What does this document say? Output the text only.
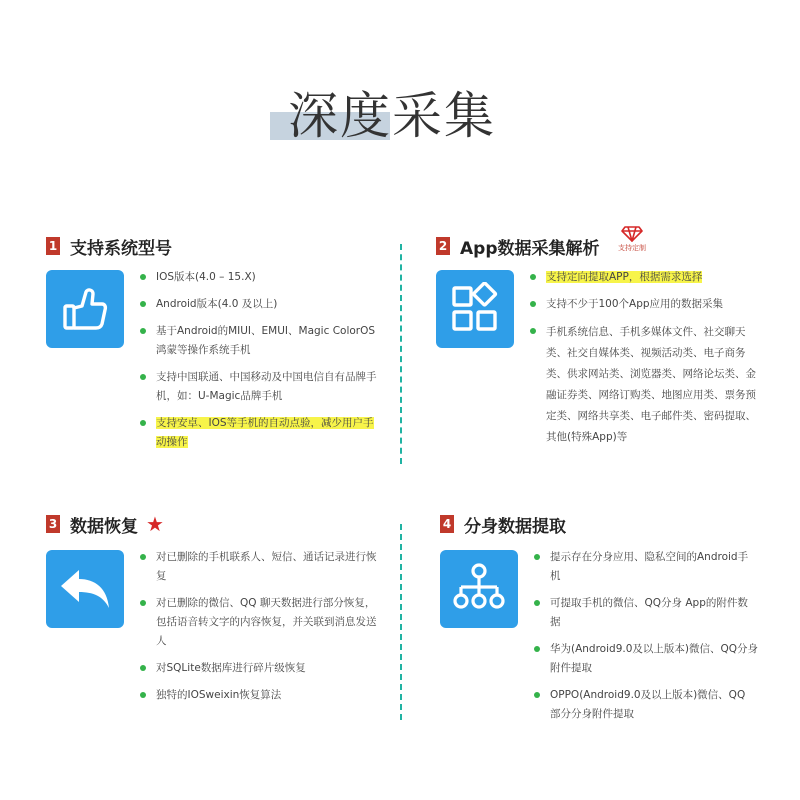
深度采集
1 支持系统型号
IOS版本(4.0 – 15.X)
Android版本(4.0 及以上)
基于Android的MIUI、EMUI、Magic ColorOS鸿蒙等操作系统手机
支持中国联通、中国移动及中国电信自有品牌手机，如：U-Magic品牌手机
支持安卓、IOS等手机的自动点验，减少用户手动操作
2 App数据采集解析
支持定向提取APP，根据需求选择
支持不少于100个App应用的数据采集
手机系统信息、手机多媒体文件、社交聊天类、社交自媒体类、视频活动类、电子商务类、供求网站类、浏览器类、网络论坛类、金融证券类、网络订购类、地图应用类、票务预定类、网络共享类、电子邮件类、密码提取、其他(特殊App)等
支持定制
3 数据恢复 ★
对已删除的手机联系人、短信、通话记录进行恢复
对已删除的微信、QQ 聊天数据进行部分恢复，包括语音转文字的内容恢复，并关联到消息发送人
对SQLite数据库进行碎片级恢复
独特的IOSweixin恢复算法
4 分身数据提取
提示存在分身应用、隐私空间的Android手机
可提取手机的微信、QQ分身 App的附件数据
华为(Android9.0及以上版本)微信、QQ分身附件提取
OPPO(Android9.0及以上版本)微信、QQ 部分分身附件提取
